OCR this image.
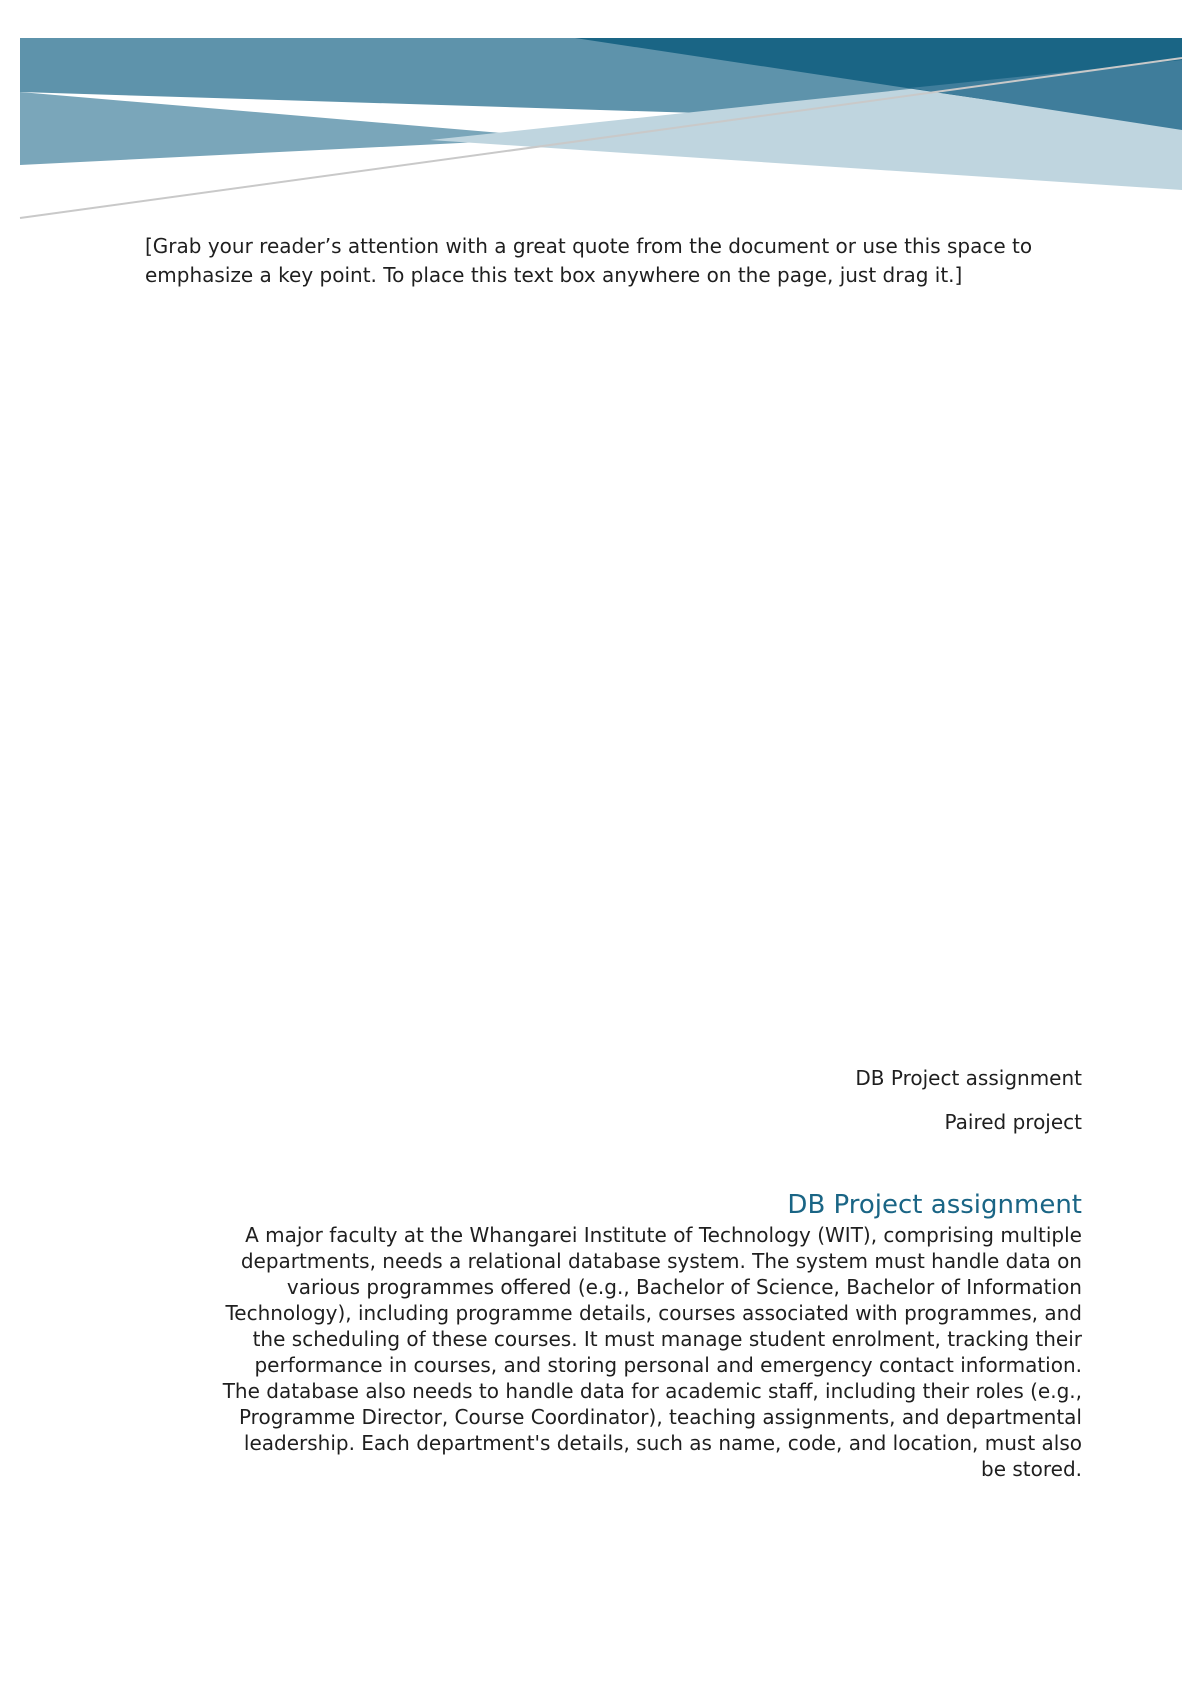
[Grab your reader’s attention with a great quote from the document or use this space to emphasize a key point. To place this text box anywhere on the page, just drag it.]

DB Project assignment

Paired project

DB Project assignment

A major faculty at the Whangarei Institute of Technology (WIT), comprising multiple departments, needs a relational database system. The system must handle data on various programmes offered (e.g., Bachelor of Science, Bachelor of Information Technology), including programme details, courses associated with programmes, and the scheduling of these courses. It must manage student enrolment, tracking their performance in courses, and storing personal and emergency contact information. The database also needs to handle data for academic staff, including their roles (e.g., Programme Director, Course Coordinator), teaching assignments, and departmental leadership. Each department's details, such as name, code, and location, must also be stored.
